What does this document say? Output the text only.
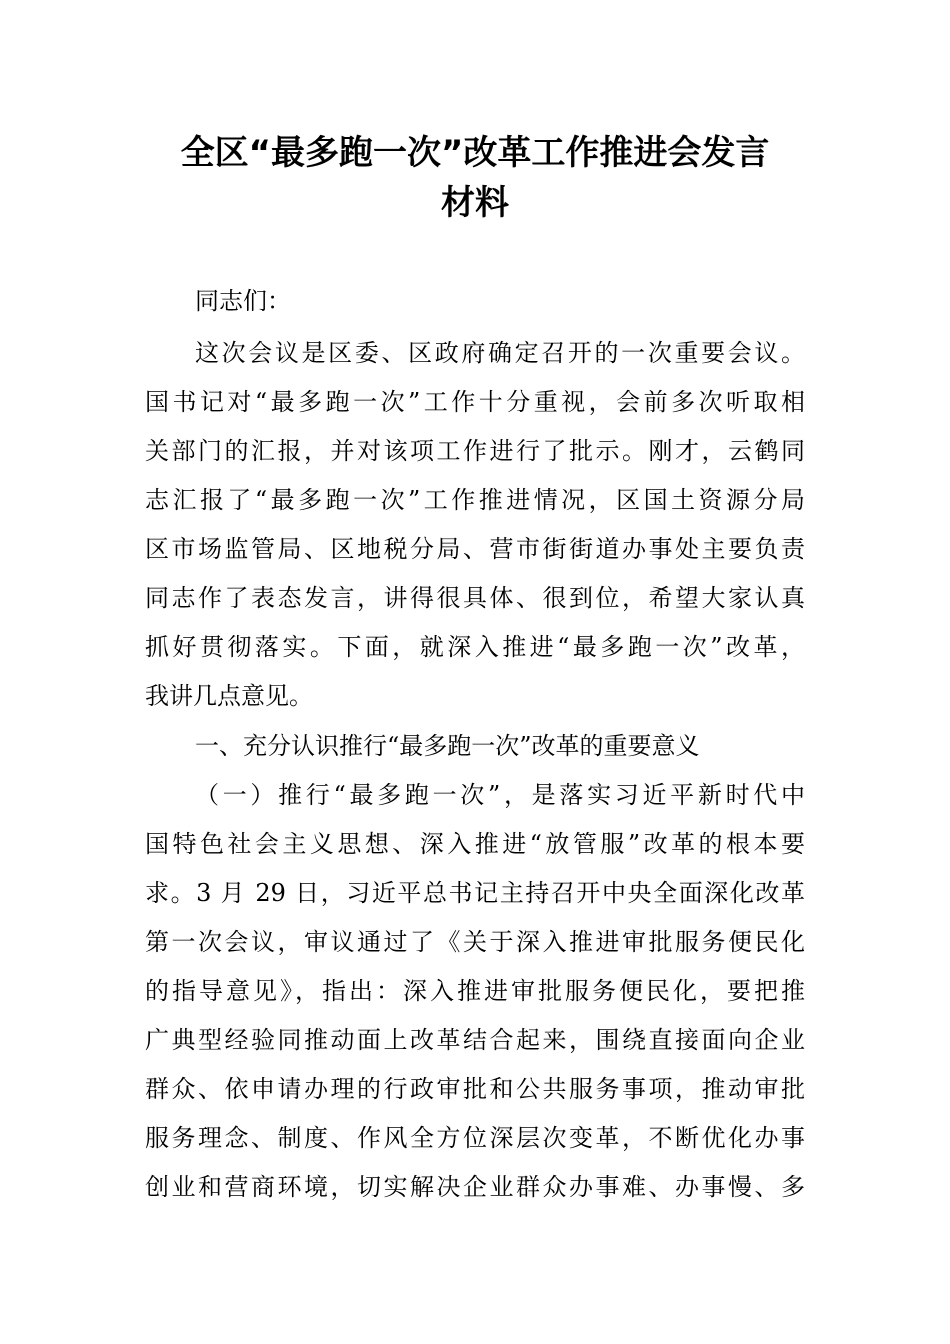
全区“最多跑一次”改革工作推进会发言
材料
同志们：
这次会议是区委、区政府确定召开的一次重要会议。
国书记对“最多跑一次”工作十分重视，会前多次听取相
关部门的汇报，并对该项工作进行了批示。刚才，云鹤同
志汇报了“最多跑一次”工作推进情况，区国土资源分局
区市场监管局、区地税分局、营市街街道办事处主要负责
同志作了表态发言，讲得很具体、很到位，希望大家认真
抓好贯彻落实。下面，就深入推进“最多跑一次”改革，
我讲几点意见。
一、充分认识推行“最多跑一次”改革的重要意义
（一）推行“最多跑一次”，是落实习近平新时代中
国特色社会主义思想、深入推进“放管服”改革的根本要
求。3 月 29 日，习近平总书记主持召开中央全面深化改革
第一次会议，审议通过了《关于深入推进审批服务便民化
的指导意见》，指出：深入推进审批服务便民化，要把推
广典型经验同推动面上改革结合起来，围绕直接面向企业
群众、依申请办理的行政审批和公共服务事项，推动审批
服务理念、制度、作风全方位深层次变革，不断优化办事
创业和营商环境，切实解决企业群众办事难、办事慢、多
